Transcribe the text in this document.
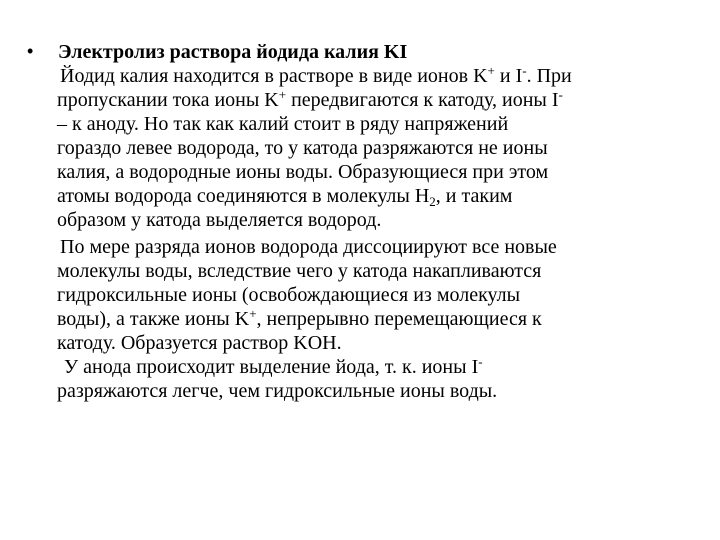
• Электролиз раствора йодида калия KI
Йодид калия находится в растворе в виде ионов K+ и I-. При
пропускании тока ионы K+ передвигаются к катоду, ионы I-
– к аноду. Но так как калий стоит в ряду напряжений
гораздо левее водорода, то у катода разряжаются не ионы
калия, а водородные ионы воды. Образующиеся при этом
атомы водорода соединяются в молекулы $H_2$, и таким
образом у катода выделяется водород.
По мере разряда ионов водорода диссоциируют все новые
молекулы воды, вследствие чего у катода накапливаются
гидроксильные ионы (освобождающиеся из молекулы
воды), а также ионы K+, непрерывно перемещающиеся к
катоду. Образуется раствор KOH.
У анода происходит выделение йода, т. к. ионы I-
разряжаются легче, чем гидроксильные ионы воды.
